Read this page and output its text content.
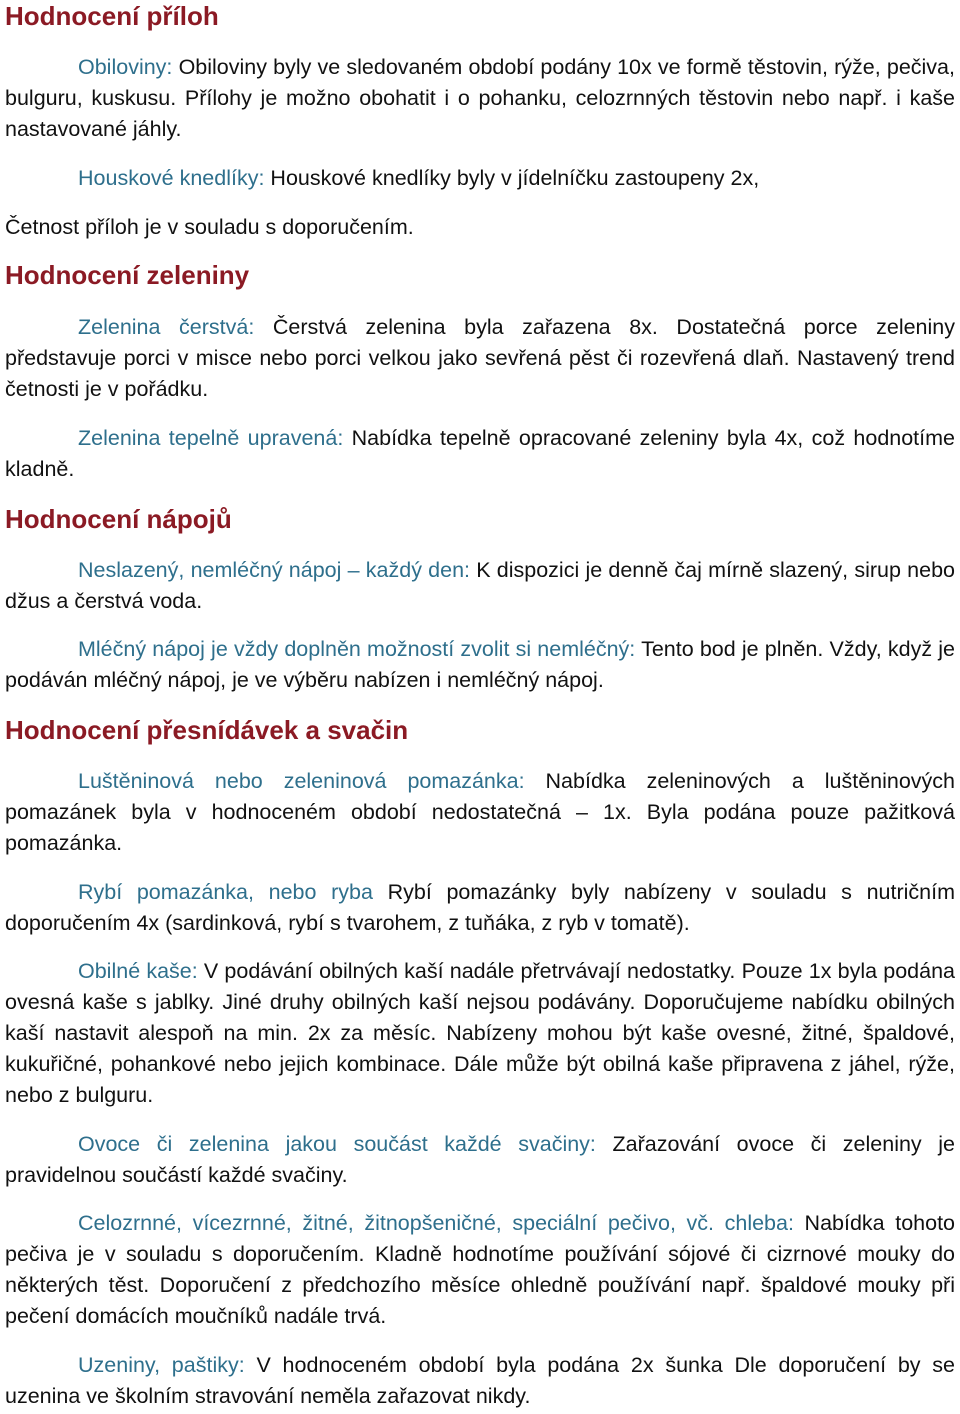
Hodnocení příloh

Obiloviny: Obiloviny byly ve sledovaném období podány 10x ve formě těstovin, rýže, pečiva, bulguru, kuskusu. Přílohy je možno obohatit i o pohanku, celozrnných těstovin nebo např. i kaše nastavované jáhly.

Houskové knedlíky: Houskové knedlíky byly v jídelníčku zastoupeny 2x,

Četnost příloh je v souladu s doporučením.

Hodnocení zeleniny

Zelenina čerstvá: Čerstvá zelenina byla zařazena 8x. Dostatečná porce zeleniny představuje porci v misce nebo porci velkou jako sevřená pěst či rozevřená dlaň. Nastavený trend četnosti je v pořádku.

Zelenina tepelně upravená: Nabídka tepelně opracované zeleniny byla 4x, což hodnotíme kladně.

Hodnocení nápojů

Neslazený, nemléčný nápoj – každý den: K dispozici je denně čaj mírně slazený, sirup nebo džus a čerstvá voda.

Mléčný nápoj je vždy doplněn možností zvolit si nemléčný: Tento bod je plněn. Vždy, když je podáván mléčný nápoj, je ve výběru nabízen i nemléčný nápoj.

Hodnocení přesnídávek a svačin

Luštěninová nebo zeleninová pomazánka: Nabídka zeleninových a luštěninových pomazánek byla v hodnoceném období nedostatečná – 1x. Byla podána pouze pažitková pomazánka.

Rybí pomazánka, nebo ryba Rybí pomazánky byly nabízeny v souladu s nutričním doporučením 4x (sardinková, rybí s tvarohem, z tuňáka, z ryb v tomatě).

Obilné kaše: V podávání obilných kaší nadále přetrvávají nedostatky. Pouze 1x byla podána ovesná kaše s jablky. Jiné druhy obilných kaší nejsou podávány. Doporučujeme nabídku obilných kaší nastavit alespoň na min. 2x za měsíc. Nabízeny mohou být kaše ovesné, žitné, špaldové, kukuřičné, pohankové nebo jejich kombinace. Dále může být obilná kaše připravena z jáhel, rýže, nebo z bulguru.

Ovoce či zelenina jakou součást každé svačiny: Zařazování ovoce či zeleniny je pravidelnou součástí každé svačiny.

Celozrnné, vícezrnné, žitné, žitnopšeničné, speciální pečivo, vč. chleba: Nabídka tohoto pečiva je v souladu s doporučením. Kladně hodnotíme používání sójové či cizrnové mouky do některých těst. Doporučení z předchozího měsíce ohledně používání např. špaldové mouky při pečení domácích moučníků nadále trvá.

Uzeniny, paštiky: V hodnoceném období byla podána 2x šunka Dle doporučení by se uzenina ve školním stravování neměla zařazovat nikdy.
